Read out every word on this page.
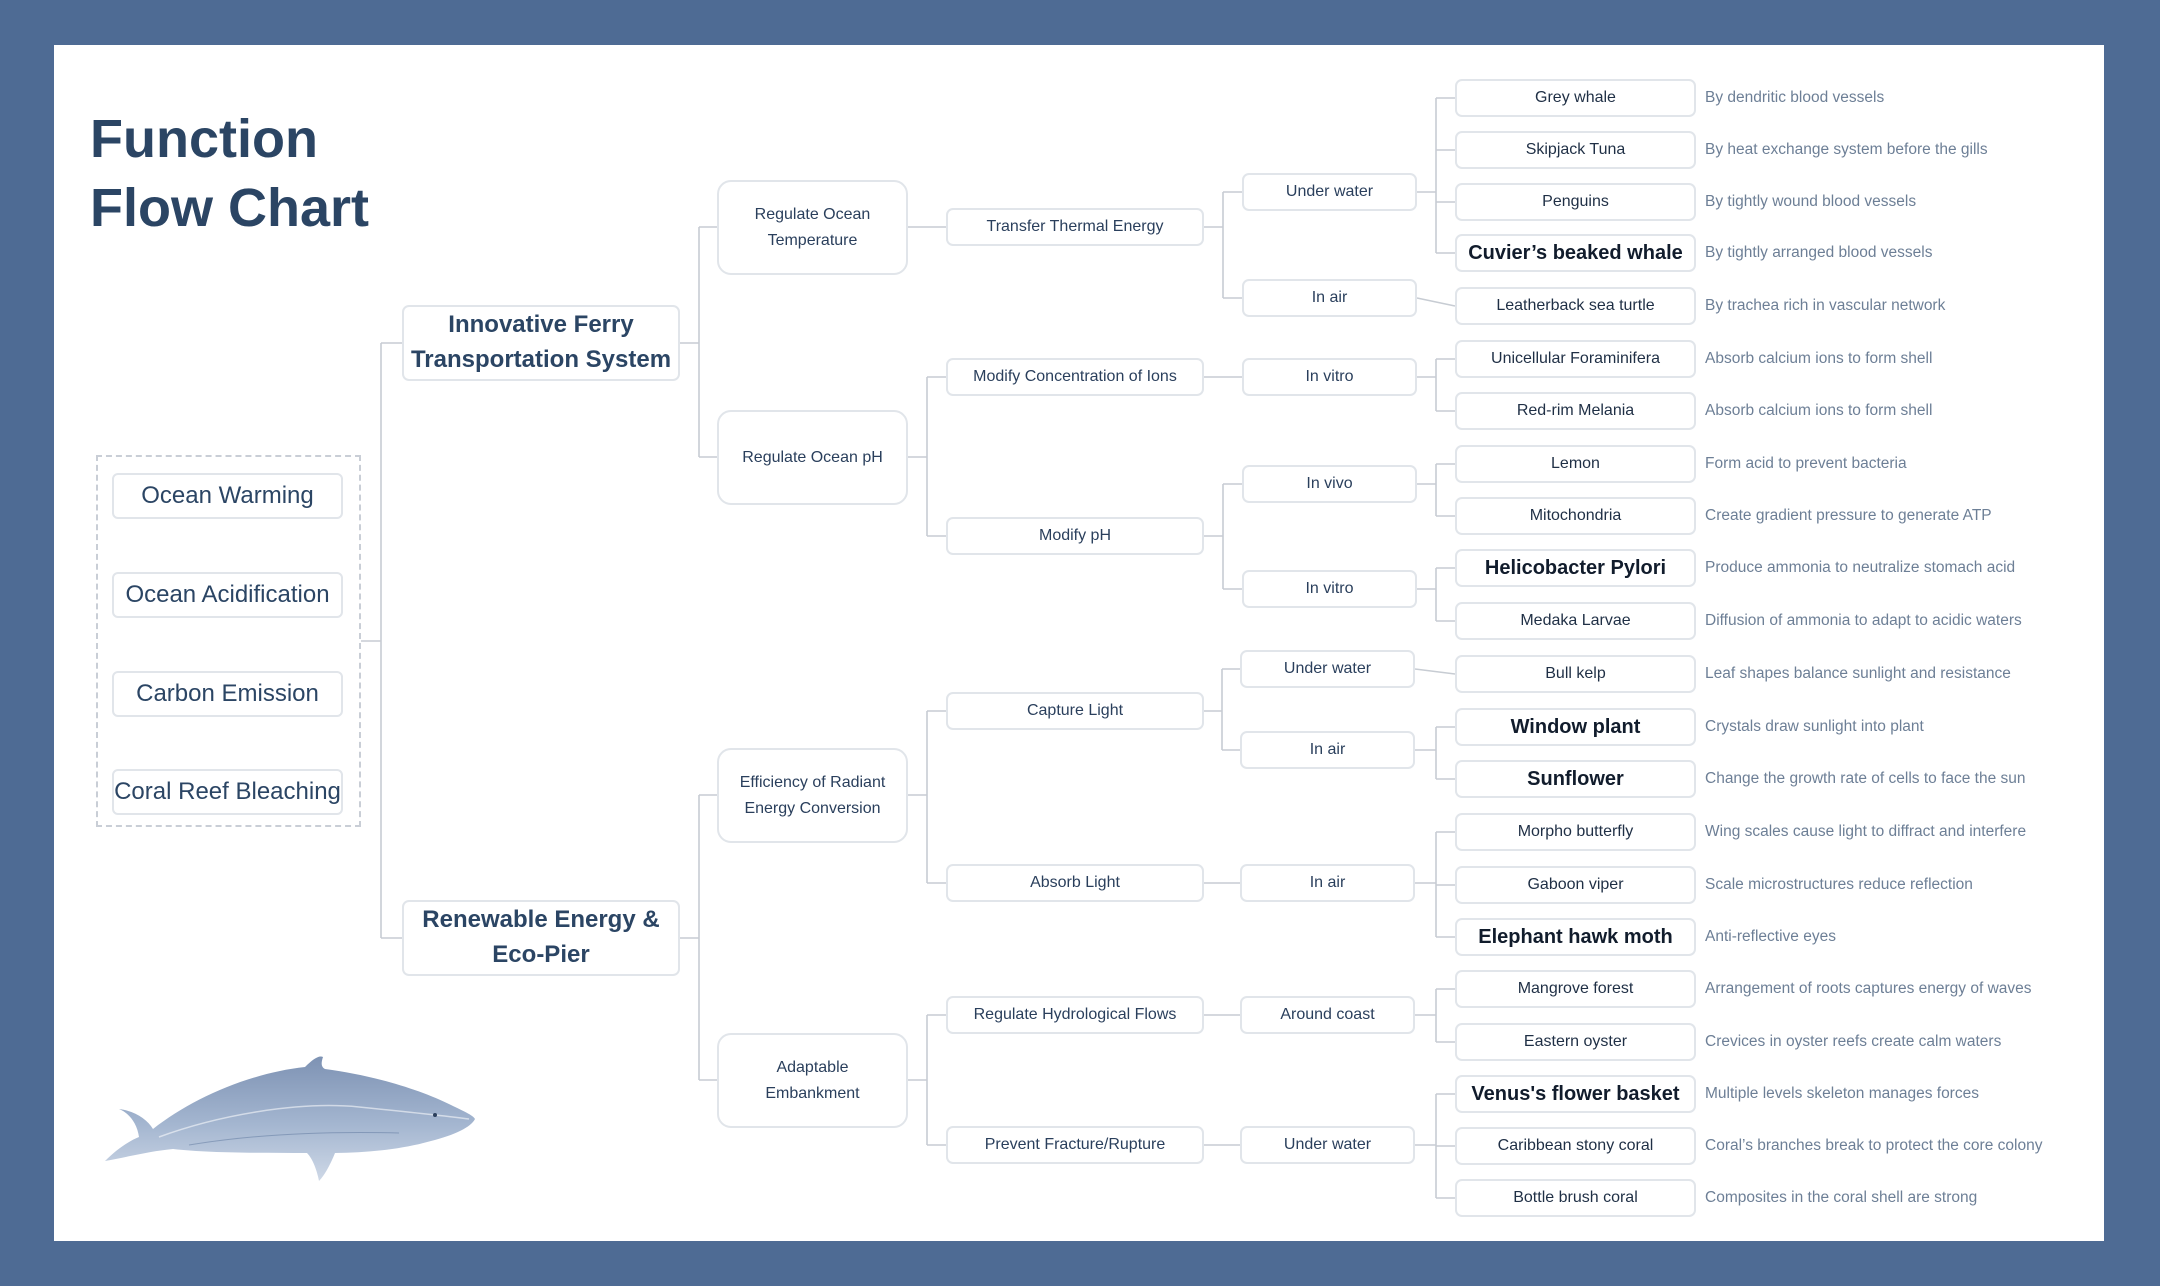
Function
Flow Chart
Ocean Warming
Ocean Acidification
Carbon Emission
Coral Reef Bleaching
Innovative Ferry
Transportation System
Renewable Energy &
Eco-Pier
Regulate Ocean
Temperature
Regulate Ocean pH
Efficiency of Radiant
Energy Conversion
Adaptable
Embankment
Transfer Thermal Energy
Modify Concentration of Ions
Modify pH
Capture Light
Absorb Light
Regulate Hydrological Flows
Prevent Fracture/Rupture
Under water
In air
In vitro
In vivo
In vitro
Under water
In air
In air
Around coast
Under water
Grey whale	By dendritic blood vessels
Skipjack Tuna	By heat exchange system before the gills
Penguins	By tightly wound blood vessels
Cuvier’s beaked whale	By tightly arranged blood vessels
Leatherback sea turtle	By trachea rich in vascular network
Unicellular Foraminifera	Absorb calcium ions to form shell
Red-rim Melania	Absorb calcium ions to form shell
Lemon	Form acid to prevent bacteria
Mitochondria	Create gradient pressure to generate ATP
Helicobacter Pylori	Produce ammonia to neutralize stomach acid
Medaka Larvae	Diffusion of ammonia to adapt to acidic waters
Bull kelp	Leaf shapes balance sunlight and resistance
Window plant	Crystals draw sunlight into plant
Sunflower	Change the growth rate of cells to face the sun
Morpho butterfly	Wing scales cause light to diffract and interfere
Gaboon viper	Scale microstructures reduce reflection
Elephant hawk moth	Anti-reflective eyes
Mangrove forest	Arrangement of roots captures energy of waves
Eastern oyster	Crevices in oyster reefs create calm waters
Venus's flower basket	Multiple levels skeleton manages forces
Caribbean stony coral	Coral’s branches break to protect the core colony
Bottle brush coral	Composites in the coral shell are strong
